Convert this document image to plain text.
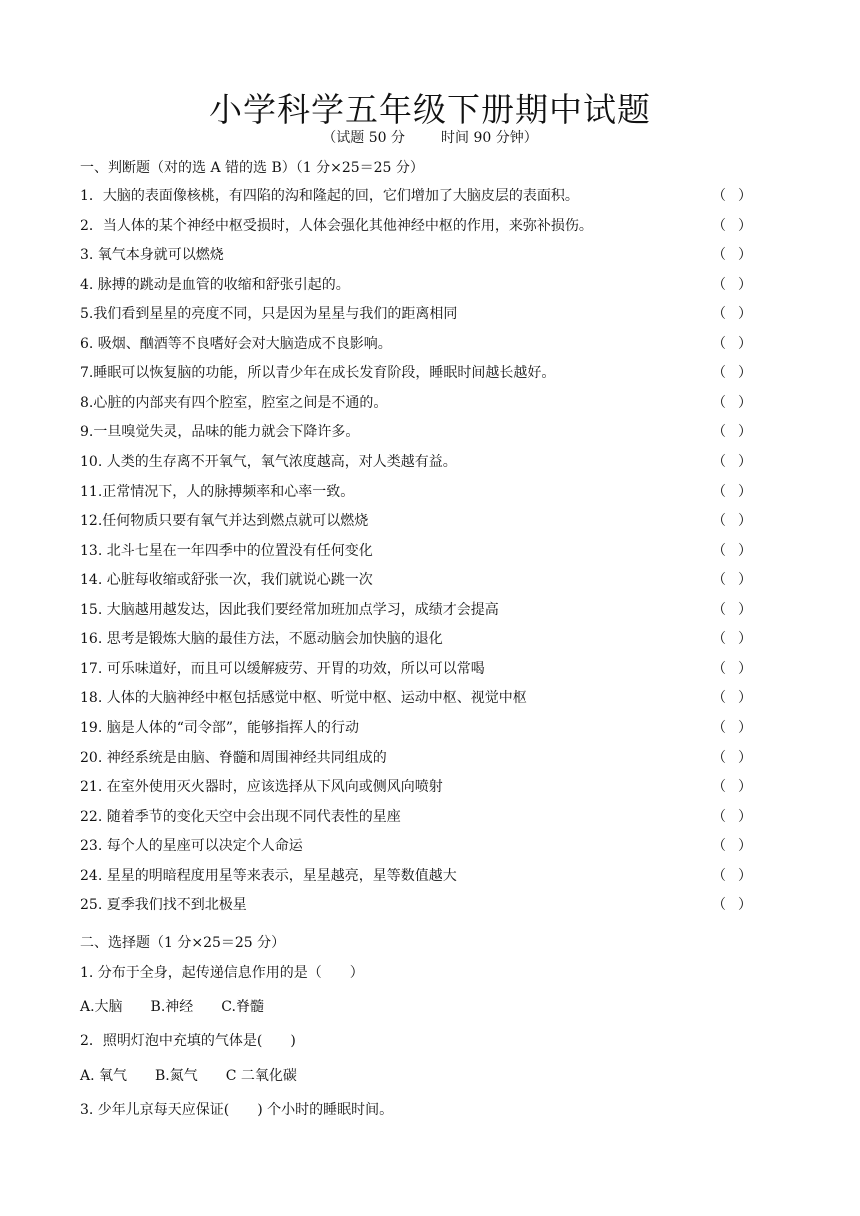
小学科学五年级下册期中试题
（试题 50 分	时间 90 分钟）
一、判断题（对的选 A 错的选 B）（1 分×25＝25 分）
1．大脑的表面像核桃，有四陷的沟和隆起的回，它们增加了大脑皮层的表面积。	（ ）
2．当人体的某个神经中枢受损时，人体会强化其他神经中枢的作用，来弥补损伤。	（ ）
3. 氧气本身就可以燃烧	（ ）
4. 脉搏的跳动是血管的收缩和舒张引起的。	（ ）
5.我们看到星星的亮度不同，只是因为星星与我们的距离相同	（ ）
6. 吸烟、酗酒等不良嗜好会对大脑造成不良影响。	（ ）
7.睡眠可以恢复脑的功能，所以青少年在成长发育阶段，睡眠时间越长越好。	（ ）
8.心脏的内部夹有四个腔室，腔室之间是不通的。	（ ）
9.一旦嗅觉失灵，品味的能力就会下降许多。	（ ）
10. 人类的生存离不开氧气，氧气浓度越高，对人类越有益。	（ ）
11.正常情况下，人的脉搏频率和心率一致。	（ ）
12.任何物质只要有氧气并达到燃点就可以燃烧	（ ）
13. 北斗七星在一年四季中的位置没有任何变化	（ ）
14. 心脏每收缩或舒张一次，我们就说心跳一次	（ ）
15. 大脑越用越发达，因此我们要经常加班加点学习，成绩才会提高	（ ）
16. 思考是锻炼大脑的最佳方法，不愿动脑会加快脑的退化	（ ）
17. 可乐味道好，而且可以缓解疲劳、开胃的功效，所以可以常喝	（ ）
18. 人体的大脑神经中枢包括感觉中枢、听觉中枢、运动中枢、视觉中枢	（ ）
19. 脑是人体的“司令部”，能够指挥人的行动	（ ）
20. 神经系统是由脑、脊髓和周围神经共同组成的	（ ）
21. 在室外使用灭火器时，应该选择从下风向或侧风向喷射	（ ）
22. 随着季节的变化天空中会出现不同代表性的星座	（ ）
23. 每个人的星座可以决定个人命运	（ ）
24. 星星的明暗程度用星等来表示，星星越亮，星等数值越大	（ ）
25. 夏季我们找不到北极星	（ ）
二、选择题（1 分×25＝25 分）
1. 分布于全身，起传递信息作用的是（　　）
A.大脑　　B.神经　　C.脊髓
2．照明灯泡中充填的气体是(　　)
A. 氧气　　B.氮气　　C 二氧化碳
3. 少年儿京每天应保证(　　) 个小时的睡眠时间。
